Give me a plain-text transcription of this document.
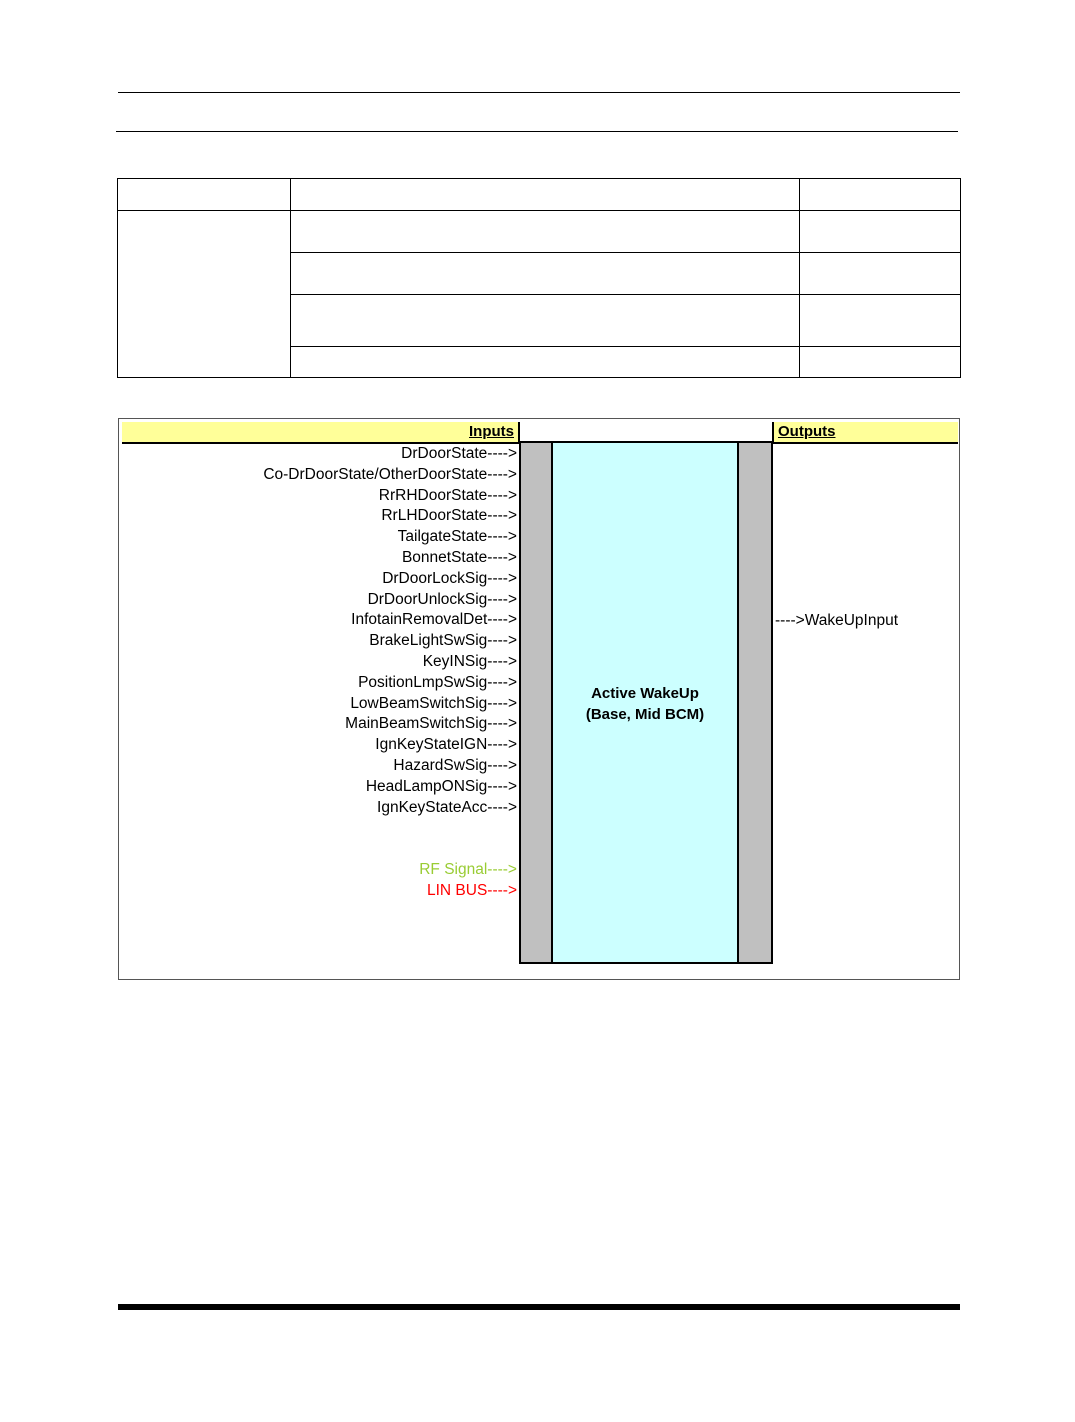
Inputs	Outputs
Active WakeUp
(Base, Mid BCM)
DrDoorState---->
Co-DrDoorState/OtherDoorState---->
RrRHDoorState---->
RrLHDoorState---->
TailgateState---->
BonnetState---->
DrDoorLockSig---->
DrDoorUnlockSig---->
InfotainRemovalDet---->
BrakeLightSwSig---->
KeyINSig---->
PositionLmpSwSig---->
LowBeamSwitchSig---->
MainBeamSwitchSig---->
IgnKeyStateIGN---->
HazardSwSig---->
HeadLampONSig---->
IgnKeyStateAcc---->
RF Signal---->
LIN BUS---->
---->WakeUpInput
